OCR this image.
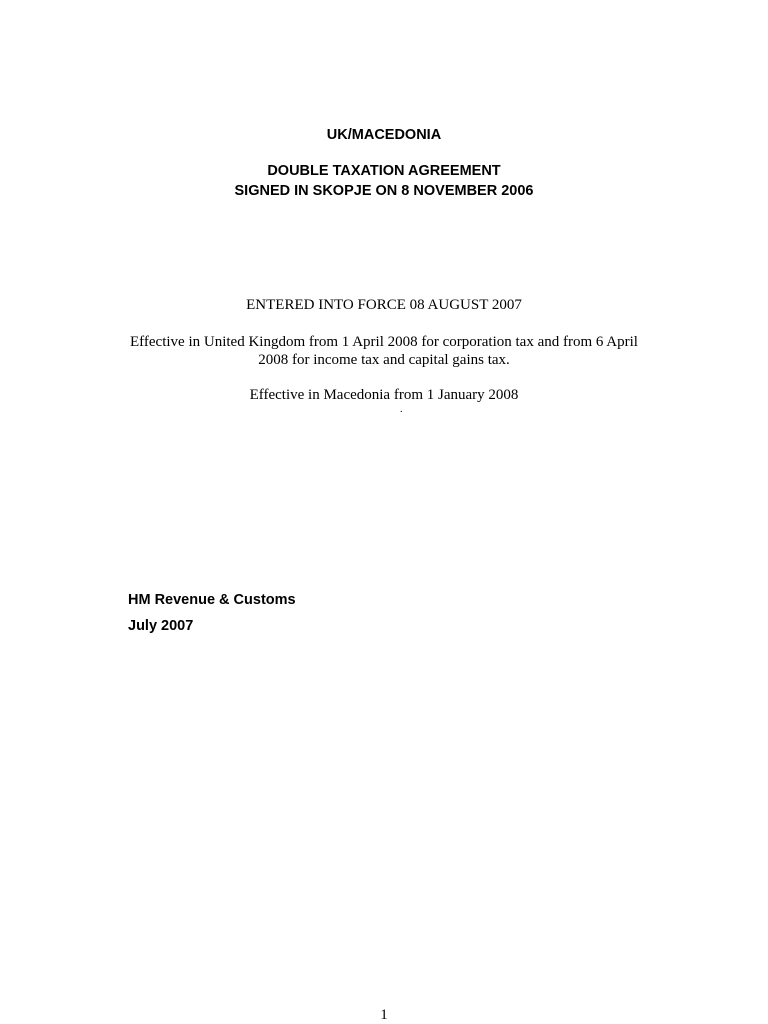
UK/MACEDONIA
DOUBLE TAXATION AGREEMENT
SIGNED IN SKOPJE ON 8 NOVEMBER 2006
ENTERED INTO FORCE 08 AUGUST 2007
Effective in United Kingdom from 1 April 2008 for corporation tax and from 6 April
2008 for income tax and capital gains tax.
Effective in Macedonia from 1 January 2008
.
HM Revenue & Customs
July 2007
1
